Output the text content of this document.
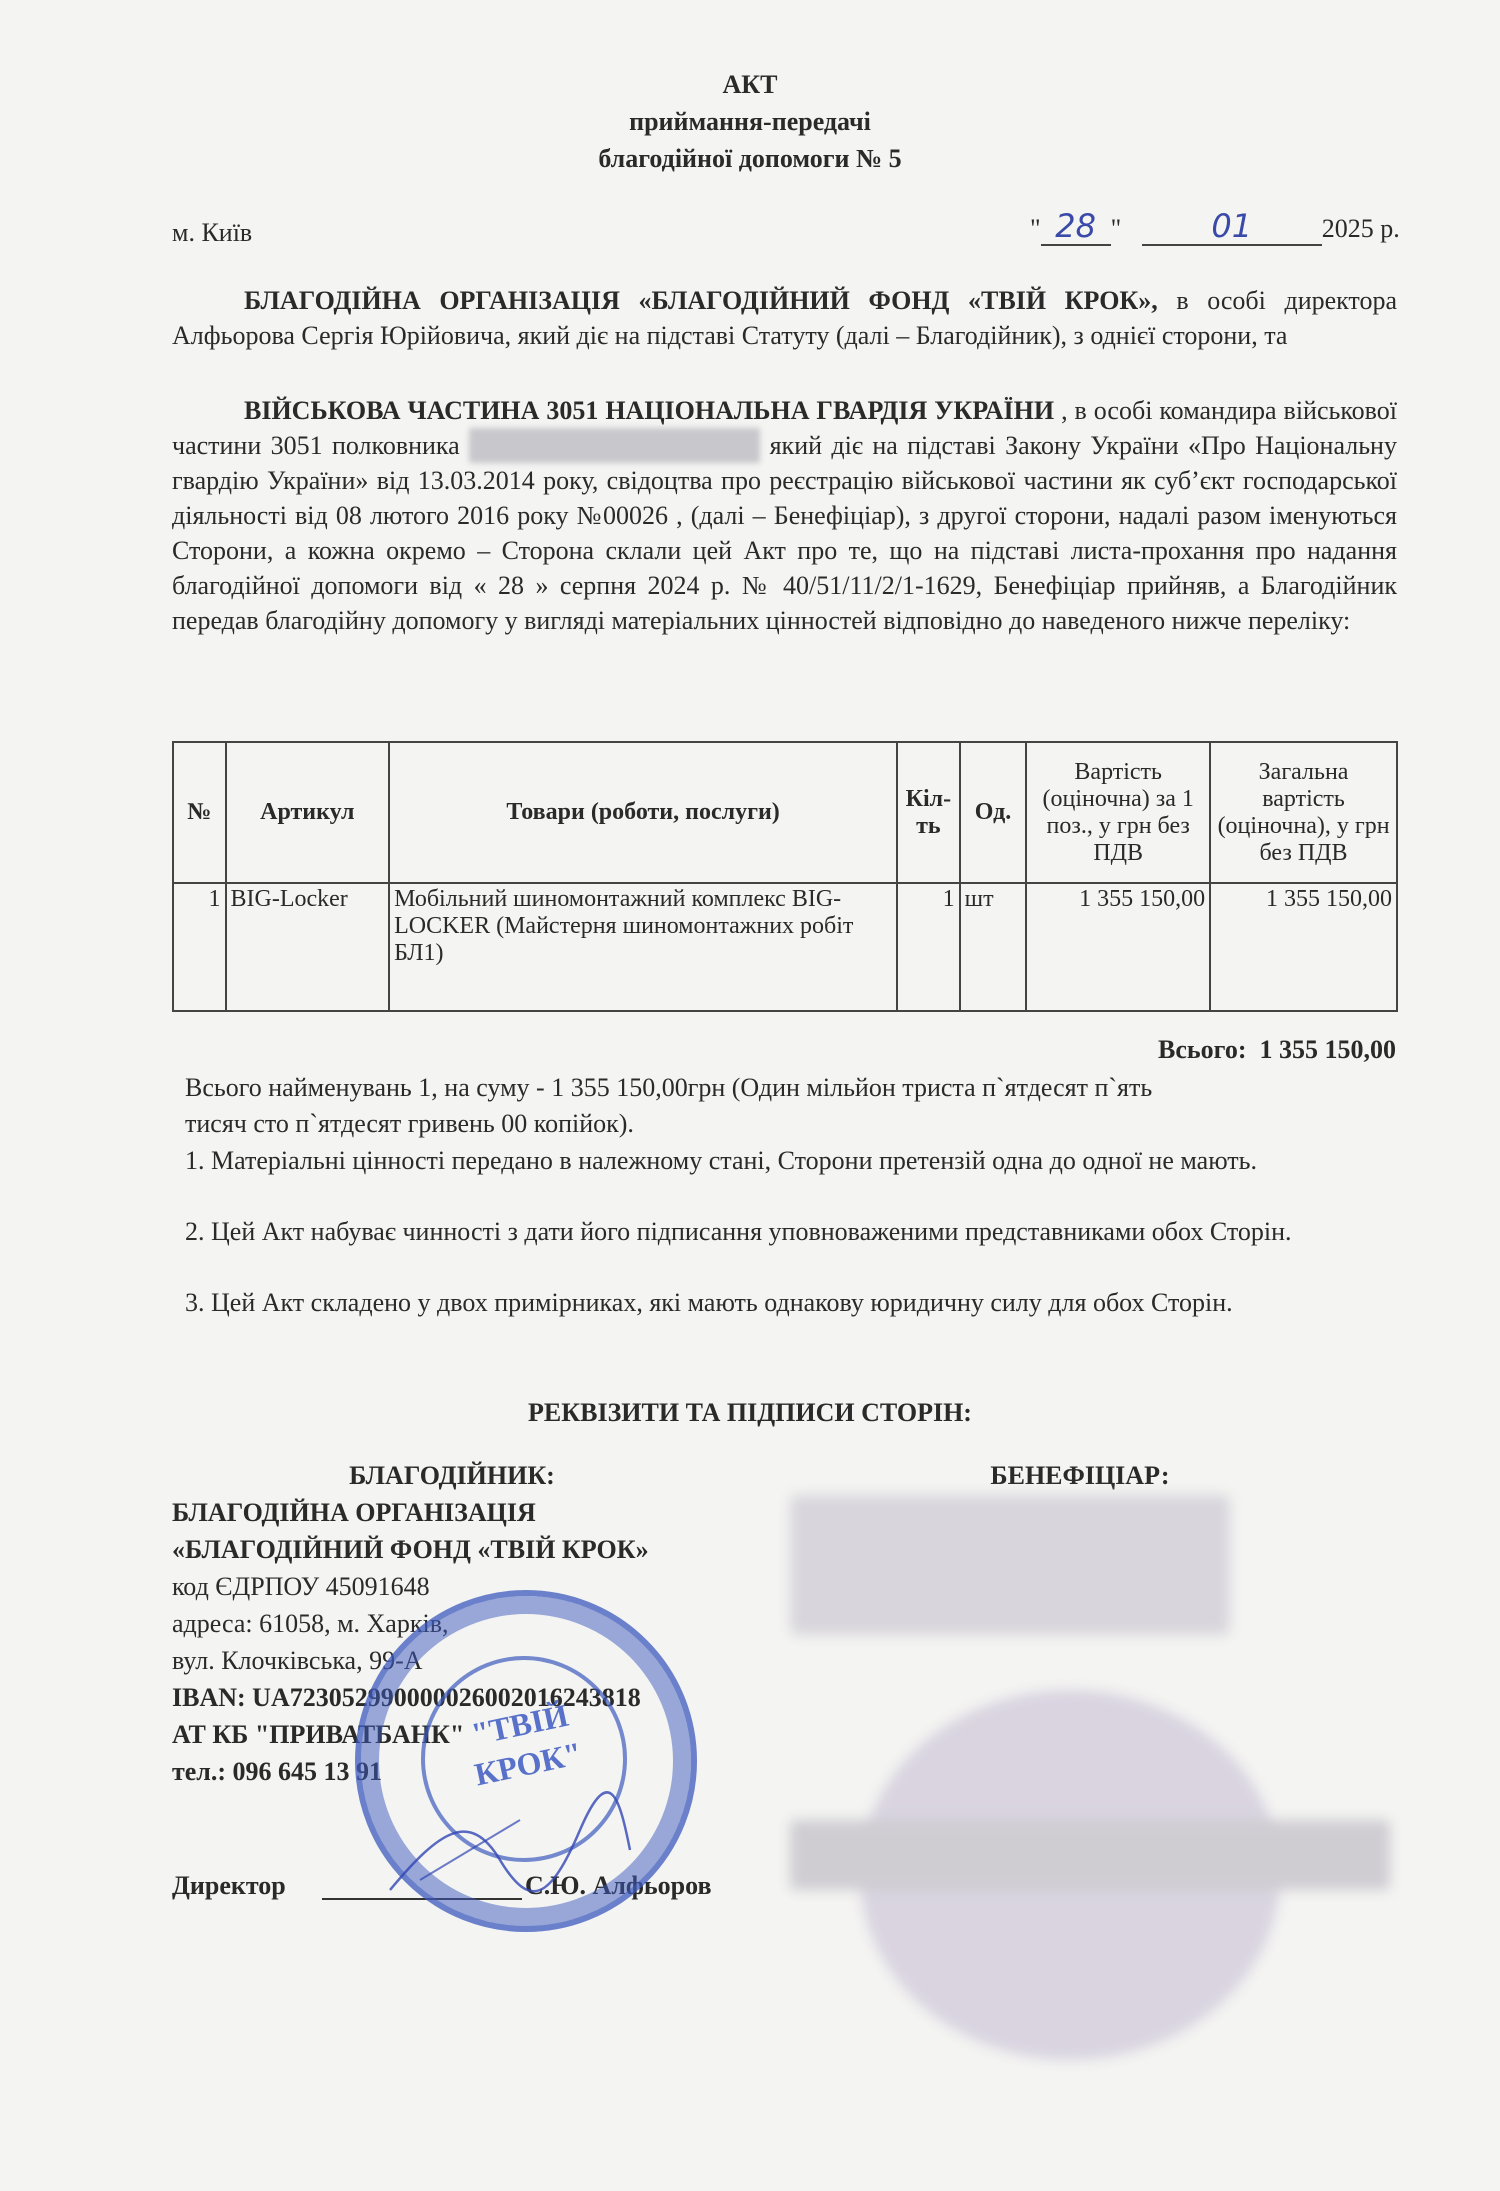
АКТ
приймання-передачі
благодійної допомоги № 5
м. Київ	" 28 "	01	2025 р.
БЛАГОДІЙНА ОРГАНІЗАЦІЯ «БЛАГОДІЙНИЙ ФОНД «ТВІЙ КРОК», в особі директора Алфьорова Сергія Юрійовича, який діє на підставі Статуту (далі – Благодійник), з однієї сторони, та
ВІЙСЬКОВА ЧАСТИНА 3051 НАЦІОНАЛЬНА ГВАРДІЯ УКРАЇНИ , в особі командира військової частини 3051 полковника	який діє на підставі Закону України «Про Національну гвардію України» від 13.03.2014 року, свідоцтва про реєстрацію військової частини як суб’єкт господарської діяльності від 08 лютого 2016 року №00026 , (далі – Бенефіціар), з другої сторони, надалі разом іменуються Сторони, а кожна окремо – Сторона склали цей Акт про те, що на підставі листа-прохання про надання благодійної допомоги від « 28 » серпня 2024 р. № 40/51/11/2/1-1629, Бенефіціар прийняв, а Благодійник передав благодійну допомогу у вигляді матеріальних цінностей відповідно до наведеного нижче переліку:
№	Артикул	Товари (роботи, послуги)	Кіл-ть	Од.	Вартість (оціночна) за 1 поз., у грн без ПДВ	Загальна вартість (оціночна), у грн без ПДВ
1	BIG-Locker	Мобільний шиномонтажний комплекс BIG-LOCKER (Майстерня шиномонтажних робіт БЛ1)	1	шт	1 355 150,00	1 355 150,00
Всього: 1 355 150,00
Всього найменувань 1, на суму - 1 355 150,00грн (Один мільйон триста п`ятдесят п`ять
тисяч сто п`ятдесят гривень 00 копійок).
1. Матеріальні цінності передано в належному стані, Сторони претензій одна до одної не мають.
2. Цей Акт набуває чинності з дати його підписання уповноваженими представниками обох Сторін.
3. Цей Акт складено у двох примірниках, які мають однакову юридичну силу для обох Сторін.
РЕКВІЗИТИ ТА ПІДПИСИ СТОРІН:
БЛАГОДІЙНИК:	БЕНЕФІЦІАР:
БЛАГОДІЙНА ОРГАНІЗАЦІЯ
«БЛАГОДІЙНИЙ ФОНД «ТВІЙ КРОК»
код ЄДРПОУ 45091648
адреса: 61058, м. Харків,
вул. Клочківська, 99-А
IBAN: UA723052990000026002016243818
АТ КБ "ПРИВАТБАНК"
тел.: 096 645 13 91
Директор	С.Ю. Алфьоров
"ТВІЙ КРОК"
